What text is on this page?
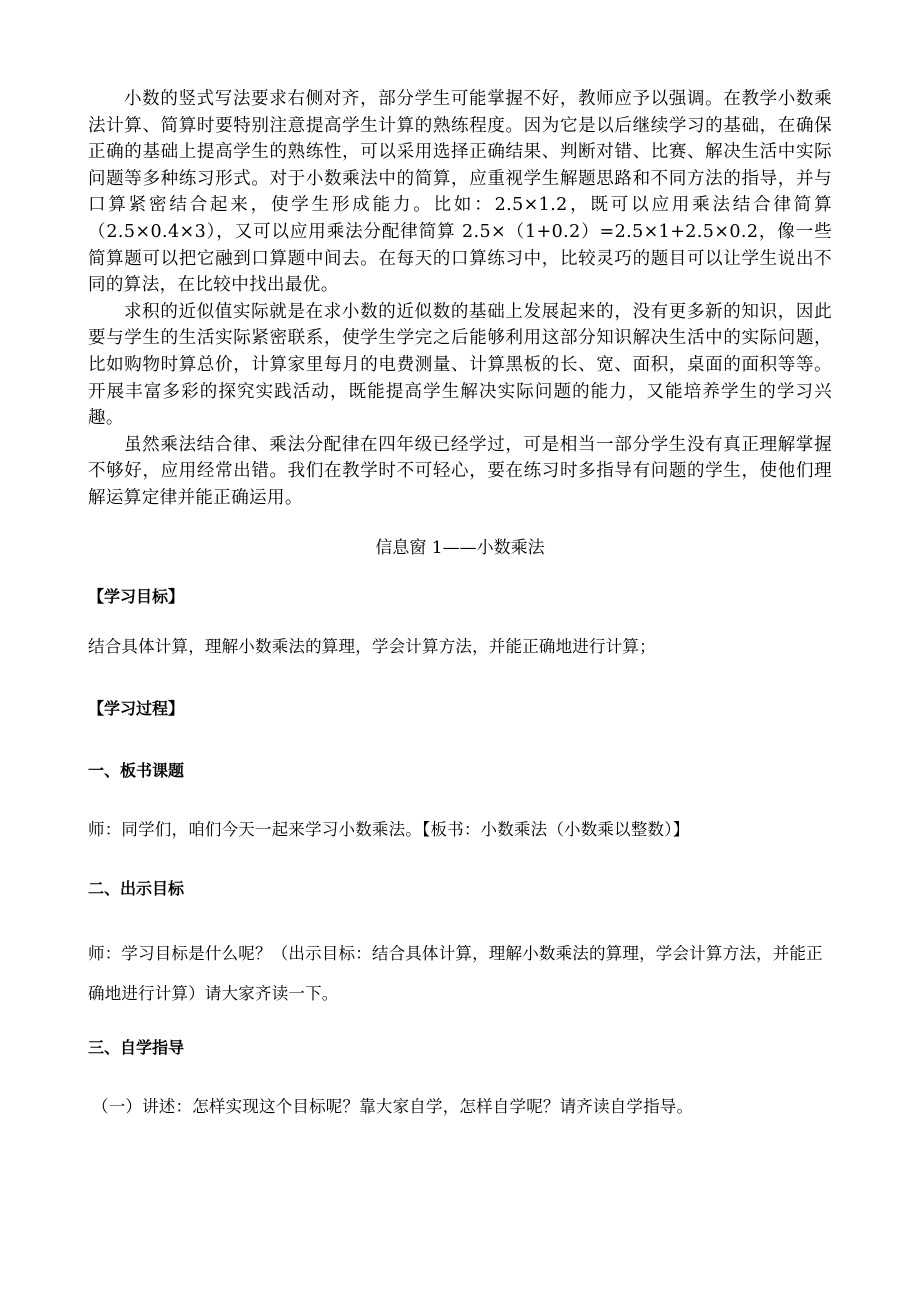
小数的竖式写法要求右侧对齐，部分学生可能掌握不好，教师应予以强调。在教学小数乘法计算、简算时要特别注意提高学生计算的熟练程度。因为它是以后继续学习的基础，在确保正确的基础上提高学生的熟练性，可以采用选择正确结果、判断对错、比赛、解决生活中实际问题等多种练习形式。对于小数乘法中的简算，应重视学生解题思路和不同方法的指导，并与口算紧密结合起来，使学生形成能力。比如：2.5×1.2，既可以应用乘法结合律简算（2.5×0.4×3），又可以应用乘法分配律简算 2.5×（1+0.2）=2.5×1+2.5×0.2，像一些简算题可以把它融到口算题中间去。在每天的口算练习中，比较灵巧的题目可以让学生说出不同的算法，在比较中找出最优。

求积的近似值实际就是在求小数的近似数的基础上发展起来的，没有更多新的知识，因此要与学生的生活实际紧密联系，使学生学完之后能够利用这部分知识解决生活中的实际问题，比如购物时算总价，计算家里每月的电费测量、计算黑板的长、宽、面积，桌面的面积等等。开展丰富多彩的探究实践活动，既能提高学生解决实际问题的能力，又能培养学生的学习兴趣。

虽然乘法结合律、乘法分配律在四年级已经学过，可是相当一部分学生没有真正理解掌握不够好，应用经常出错。我们在教学时不可轻心，要在练习时多指导有问题的学生，使他们理解运算定律并能正确运用。

信息窗 1——小数乘法

【学习目标】

结合具体计算，理解小数乘法的算理，学会计算方法，并能正确地进行计算；

【学习过程】

一、板书课题

师：同学们，咱们今天一起来学习小数乘法。【板书：小数乘法（小数乘以整数）】

二、出示目标

师：学习目标是什么呢？（出示目标：结合具体计算，理解小数乘法的算理，学会计算方法，并能正确地进行计算）请大家齐读一下。

三、自学指导

（一）讲述：怎样实现这个目标呢？靠大家自学，怎样自学呢？请齐读自学指导。
